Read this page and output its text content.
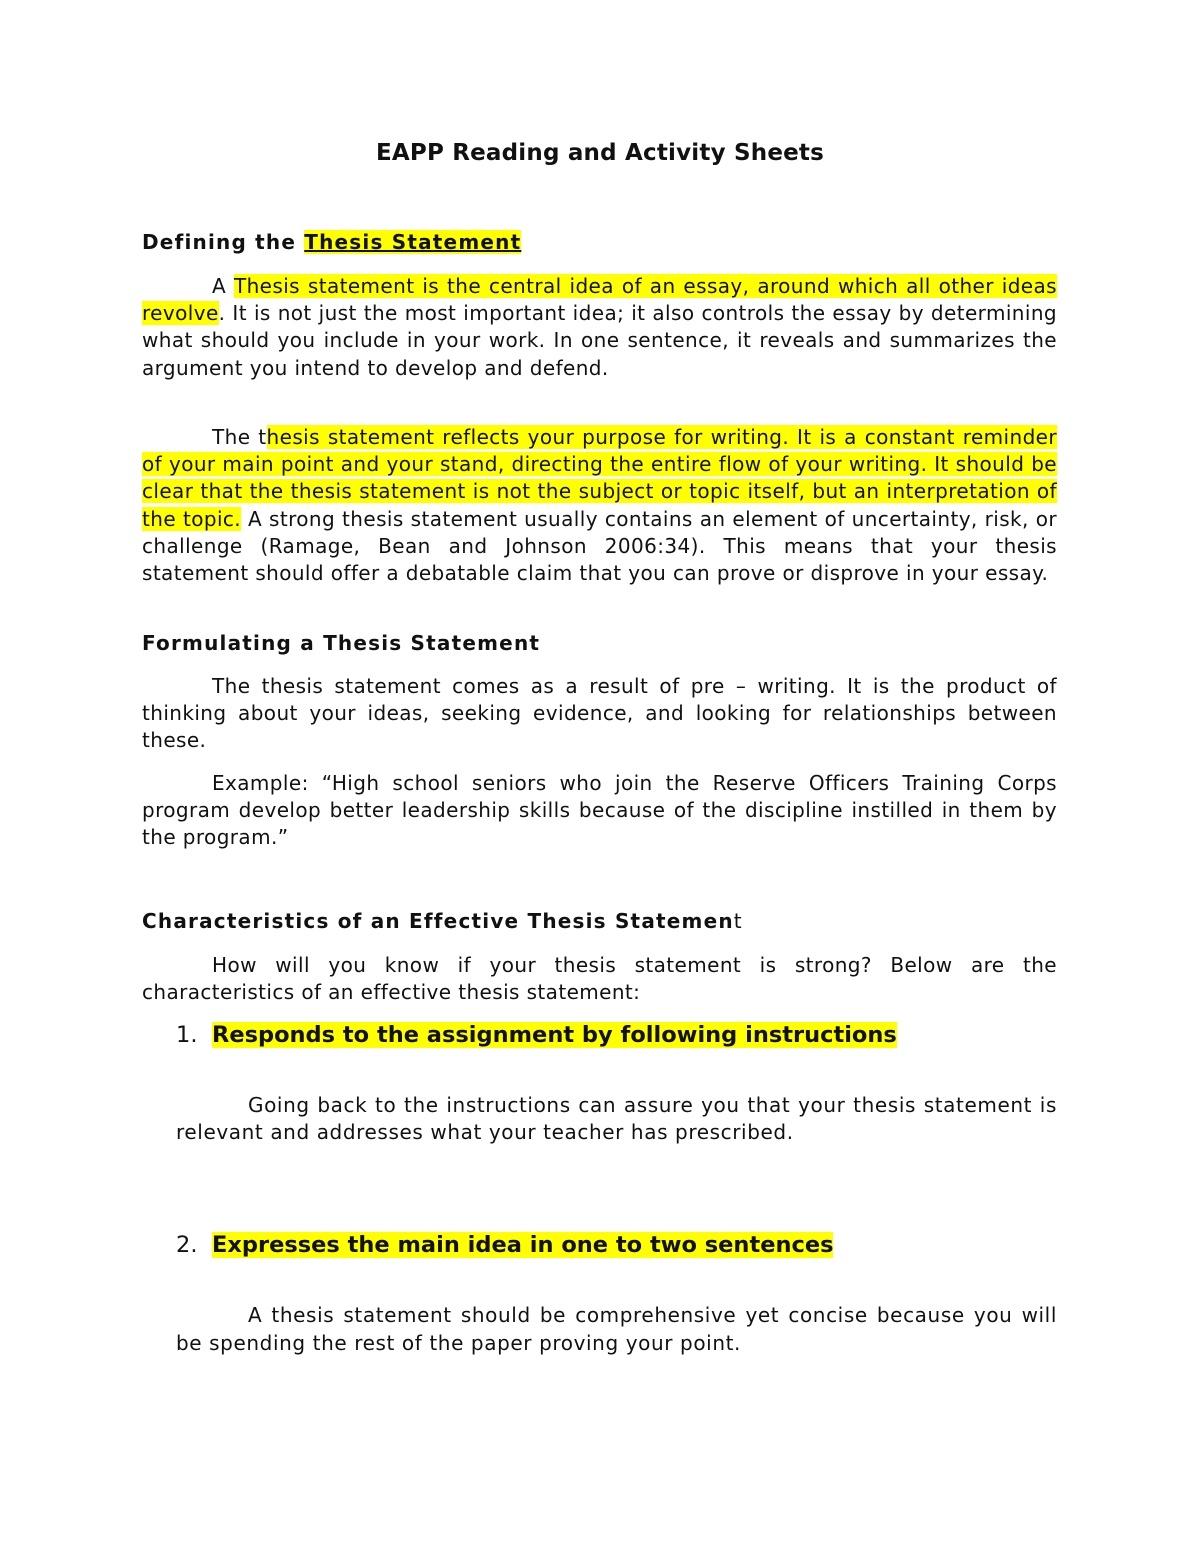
EAPP Reading and Activity Sheets
Defining the Thesis Statement

A Thesis statement is the central idea of an essay, around which all other ideas revolve. It is not just the most important idea; it also controls the essay by determining what should you include in your work. In one sentence, it reveals and summarizes the argument you intend to develop and defend.

The thesis statement reflects your purpose for writing. It is a constant reminder of your main point and your stand, directing the entire flow of your writing. It should be clear that the thesis statement is not the subject or topic itself, but an interpretation of the topic. A strong thesis statement usually contains an element of uncertainty, risk, or challenge (Ramage, Bean and Johnson 2006:34). This means that your thesis statement should offer a debatable claim that you can prove or disprove in your essay.

Formulating a Thesis Statement

The thesis statement comes as a result of pre – writing. It is the product of thinking about your ideas, seeking evidence, and looking for relationships between these.

Example: “High school seniors who join the Reserve Officers Training Corps program develop better leadership skills because of the discipline instilled in them by the program.”

Characteristics of an Effective Thesis Statement

How will you know if your thesis statement is strong? Below are the characteristics of an effective thesis statement:

1. Responds to the assignment by following instructions

Going back to the instructions can assure you that your thesis statement is relevant and addresses what your teacher has prescribed.

2. Expresses the main idea in one to two sentences

A thesis statement should be comprehensive yet concise because you will be spending the rest of the paper proving your point.
